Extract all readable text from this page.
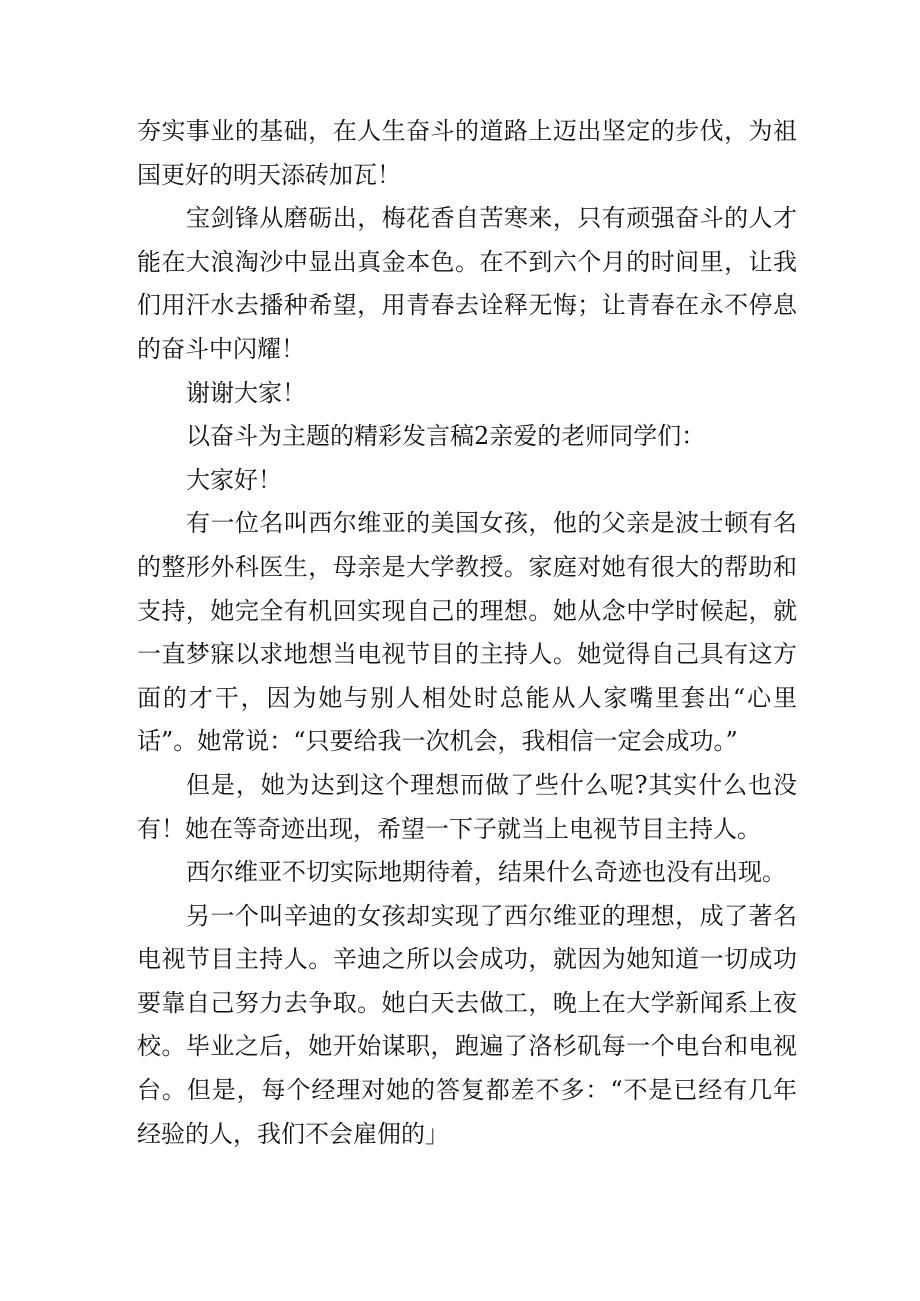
夯实事业的基础，在人生奋斗的道路上迈出坚定的步伐，为祖国更好的明天添砖加瓦！

宝剑锋从磨砺出，梅花香自苦寒来，只有顽强奋斗的人才能在大浪淘沙中显出真金本色。在不到六个月的时间里，让我们用汗水去播种希望，用青春去诠释无悔；让青春在永不停息的奋斗中闪耀！

谢谢大家！

以奋斗为主题的精彩发言稿2亲爱的老师同学们：

大家好！

有一位名叫西尔维亚的美国女孩，他的父亲是波士顿有名的整形外科医生，母亲是大学教授。家庭对她有很大的帮助和支持，她完全有机回实现自己的理想。她从念中学时候起，就一直梦寐以求地想当电视节目的主持人。她觉得自己具有这方面的才干，因为她与别人相处时总能从人家嘴里套出“心里话”。她常说：“只要给我一次机会，我相信一定会成功。”

但是，她为达到这个理想而做了些什么呢?其实什么也没有！她在等奇迹出现，希望一下子就当上电视节目主持人。

西尔维亚不切实际地期待着，结果什么奇迹也没有出现。

另一个叫辛迪的女孩却实现了西尔维亚的理想，成了著名电视节目主持人。辛迪之所以会成功，就因为她知道一切成功要靠自己努力去争取。她白天去做工，晚上在大学新闻系上夜校。毕业之后，她开始谋职，跑遍了洛杉矶每一个电台和电视台。但是，每个经理对她的答复都差不多：“不是已经有几年经验的人，我们不会雇佣的」
